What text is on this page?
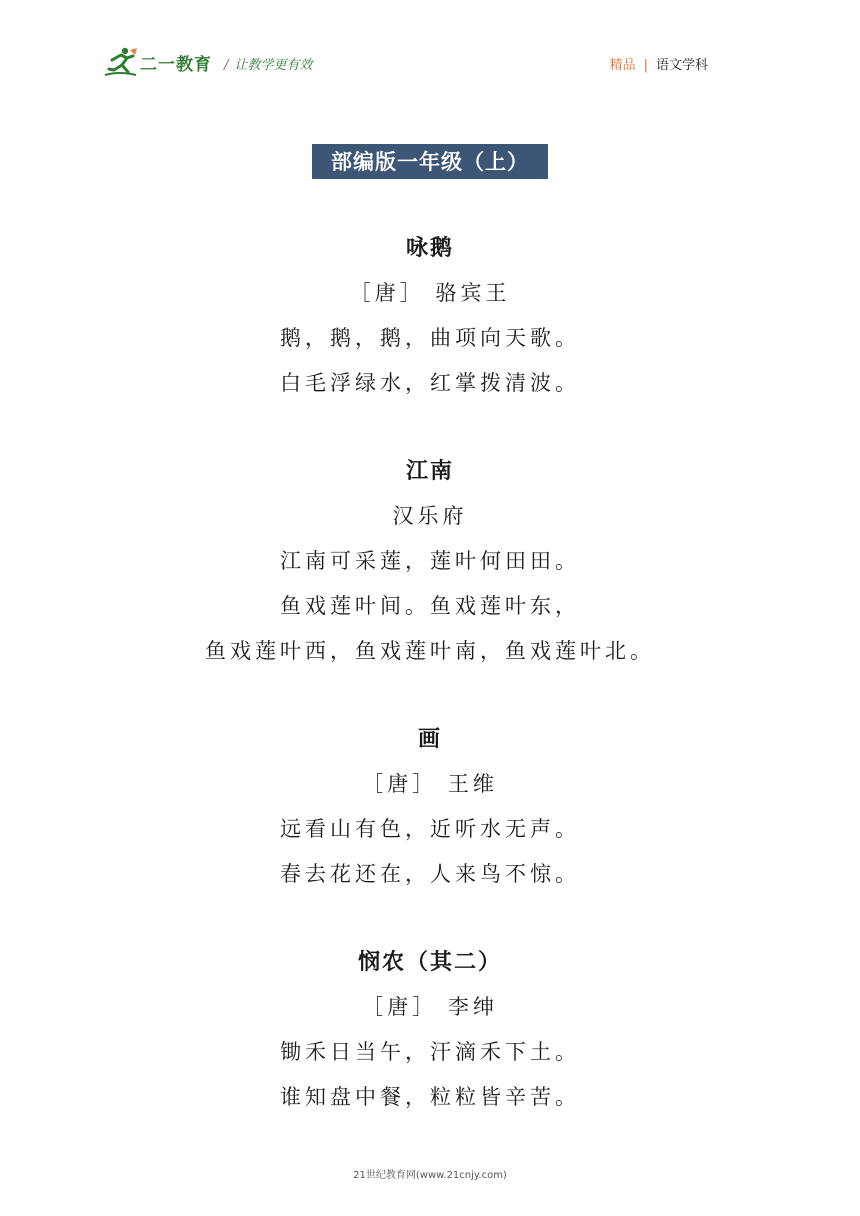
二一教育 / 让教学更有效	精品 | 语文学科
部编版一年级（上）
咏鹅
［唐］ 骆宾王
鹅，鹅，鹅，曲项向天歌。
白毛浮绿水，红掌拨清波。
江南
汉乐府
江南可采莲，莲叶何田田。
鱼戏莲叶间。鱼戏莲叶东，
鱼戏莲叶西，鱼戏莲叶南，鱼戏莲叶北。
画
［唐］ 王维
远看山有色，近听水无声。
春去花还在，人来鸟不惊。
悯农（其二）
［唐］ 李绅
锄禾日当午，汗滴禾下土。
谁知盘中餐，粒粒皆辛苦。
21世纪教育网(www.21cnjy.com)
